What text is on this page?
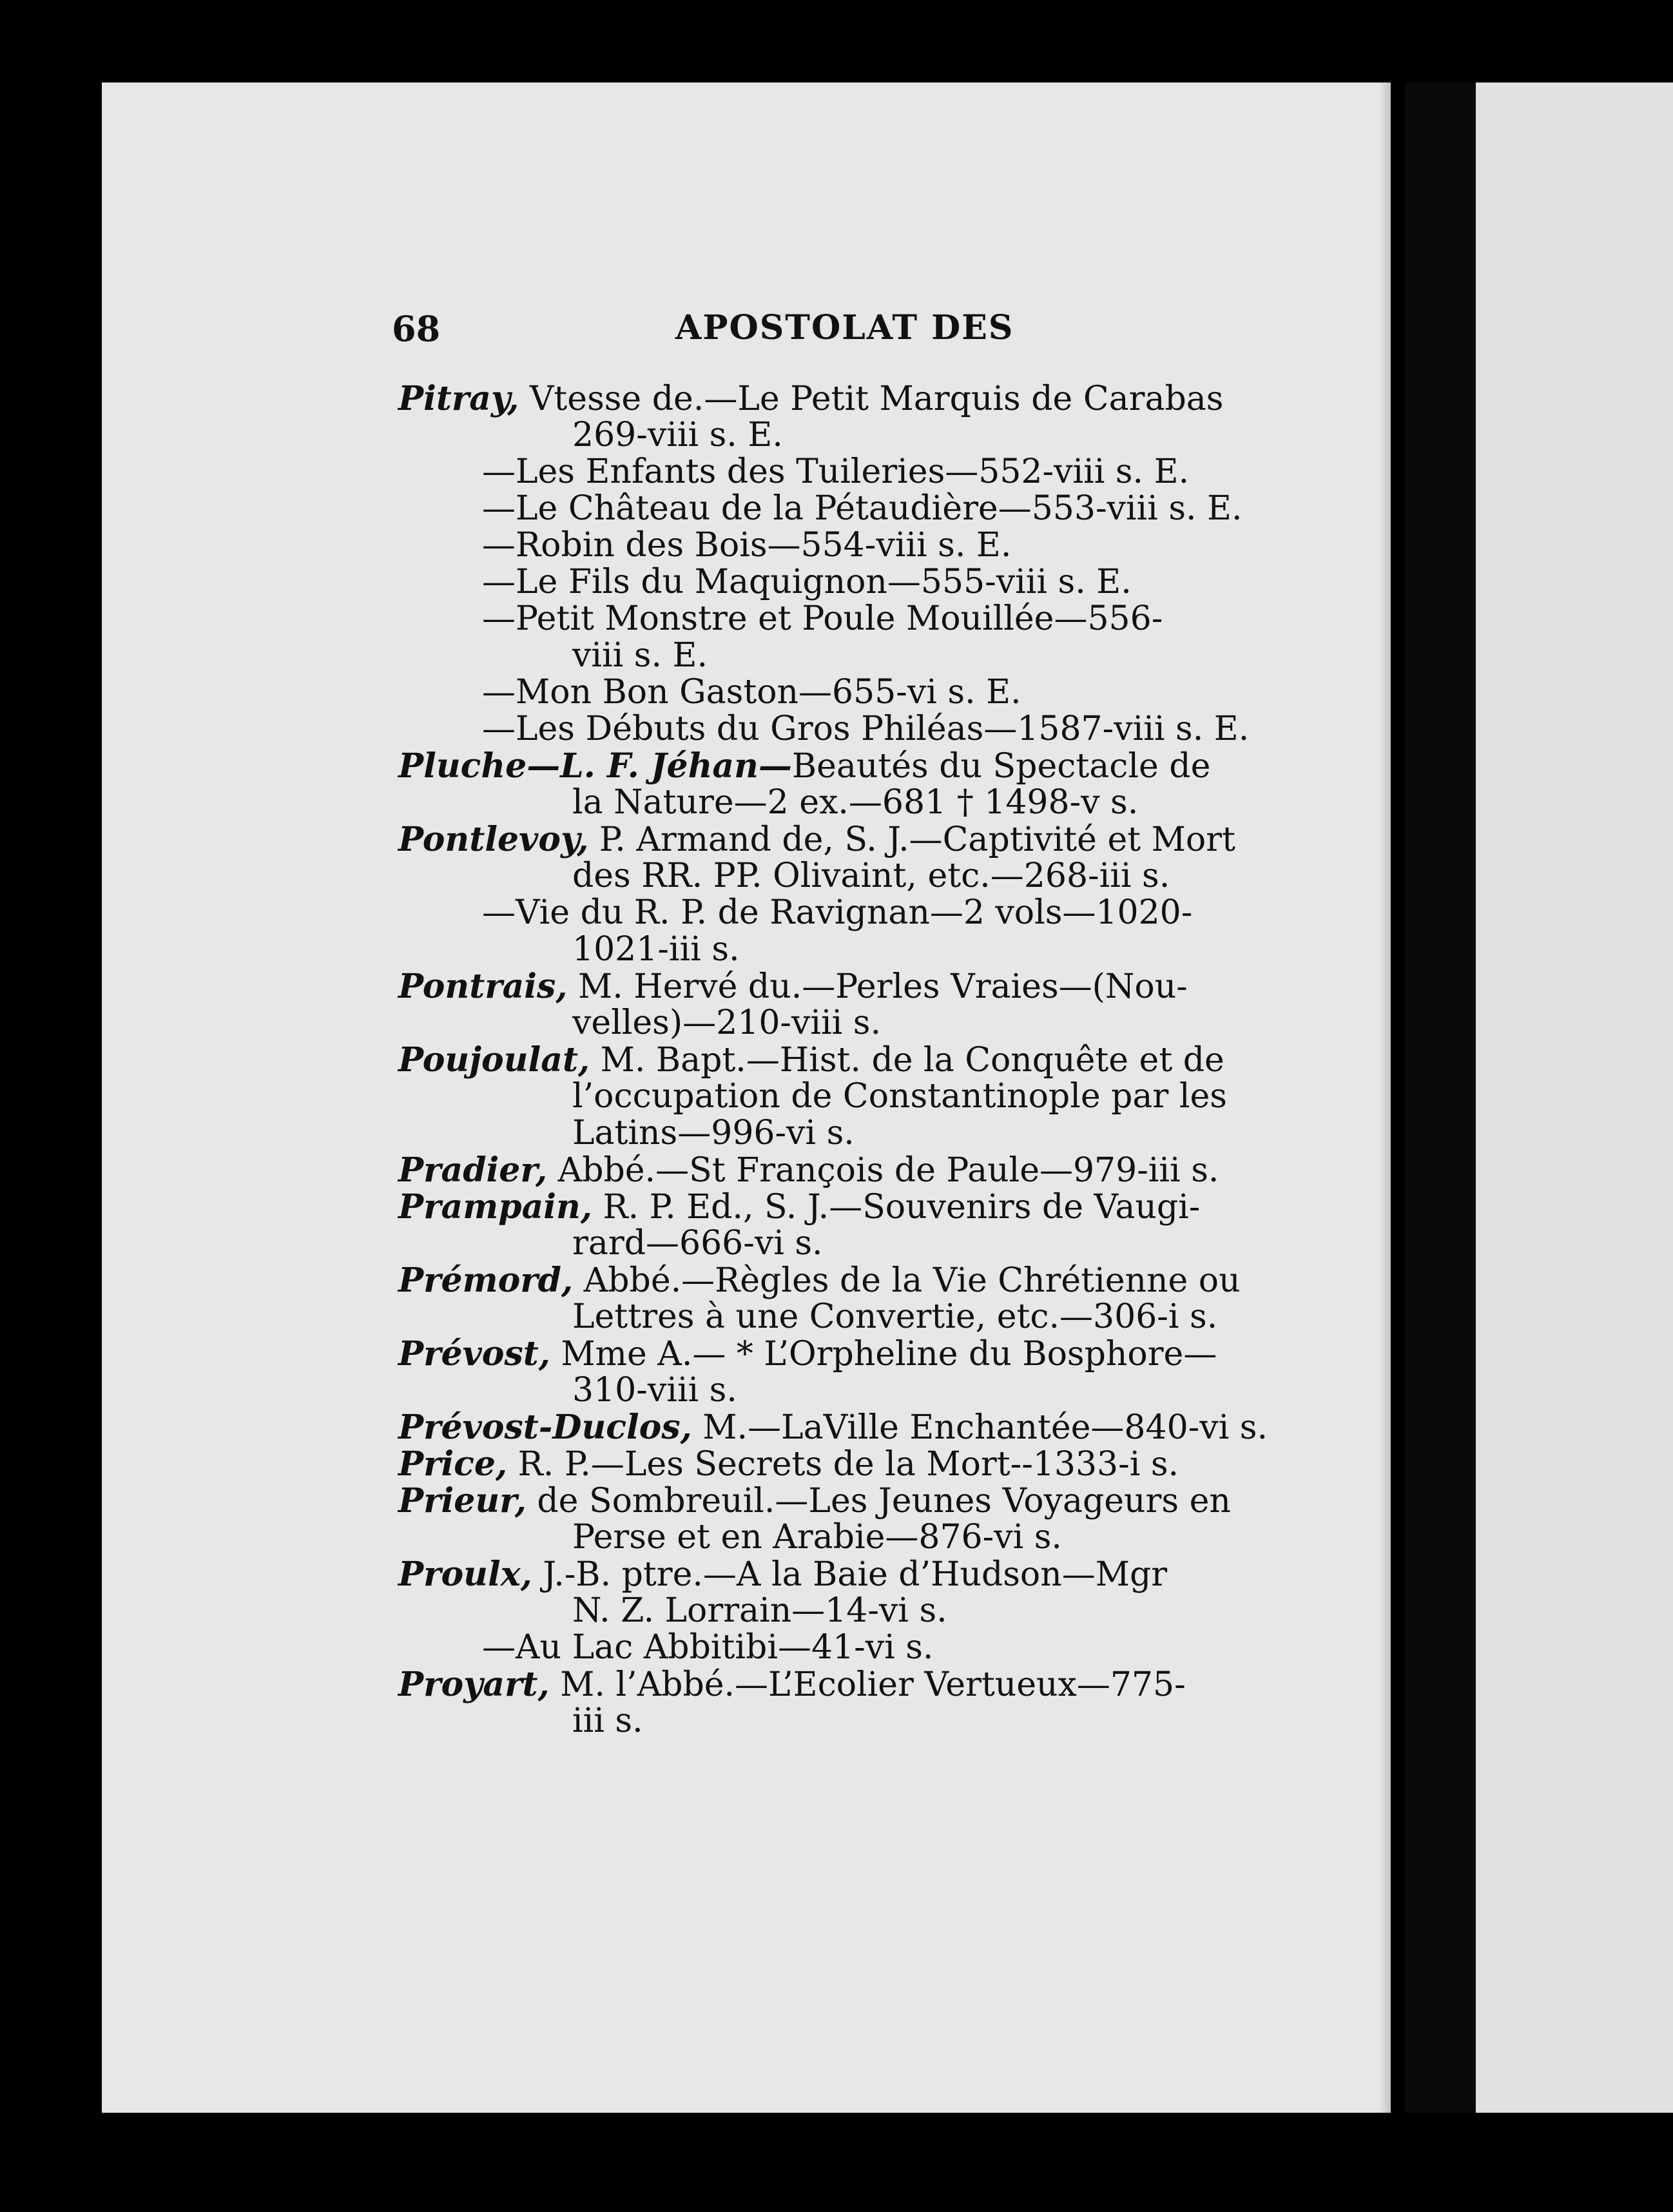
68	APOSTOLAT DES
Pitray, Vtesse de.—Le Petit Marquis de Carabas
269-viii s. E.
—Les Enfants des Tuileries—552-viii s. E.
—Le Château de la Pétaudière—553-viii s. E.
—Robin des Bois—554-viii s. E.
—Le Fils du Maquignon—555-viii s. E.
—Petit Monstre et Poule Mouillée—556-
viii s. E.
—Mon Bon Gaston—655-vi s. E.
—Les Débuts du Gros Philéas—1587-viii s. E.
Pluche—L. F. Jéhan—Beautés du Spectacle de
la Nature—2 ex.—681 † 1498-v s.
Pontlevoy, P. Armand de, S. J.—Captivité et Mort
des RR. PP. Olivaint, etc.—268-iii s.
—Vie du R. P. de Ravignan—2 vols—1020-
1021-iii s.
Pontrais, M. Hervé du.—Perles Vraies—(Nou-
velles)—210-viii s.
Poujoulat, M. Bapt.—Hist. de la Conquête et de
l’occupation de Constantinople par les
Latins—996-vi s.
Pradier, Abbé.—St François de Paule—979-iii s.
Prampain, R. P. Ed., S. J.—Souvenirs de Vaugi-
rard—666-vi s.
Prémord, Abbé.—Règles de la Vie Chrétienne ou
Lettres à une Convertie, etc.—306-i s.
Prévost, Mme A.— * L’Orpheline du Bosphore—
310-viii s.
Prévost-Duclos, M.—LaVille Enchantée—840-vi s.
Price, R. P.—Les Secrets de la Mort--1333-i s.
Prieur, de Sombreuil.—Les Jeunes Voyageurs en
Perse et en Arabie—876-vi s.
Proulx, J.-B. ptre.—A la Baie d’Hudson—Mgr
N. Z. Lorrain—14-vi s.
—Au Lac Abbitibi—41-vi s.
Proyart, M. l’Abbé.—L’Ecolier Vertueux—775-
iii s.
